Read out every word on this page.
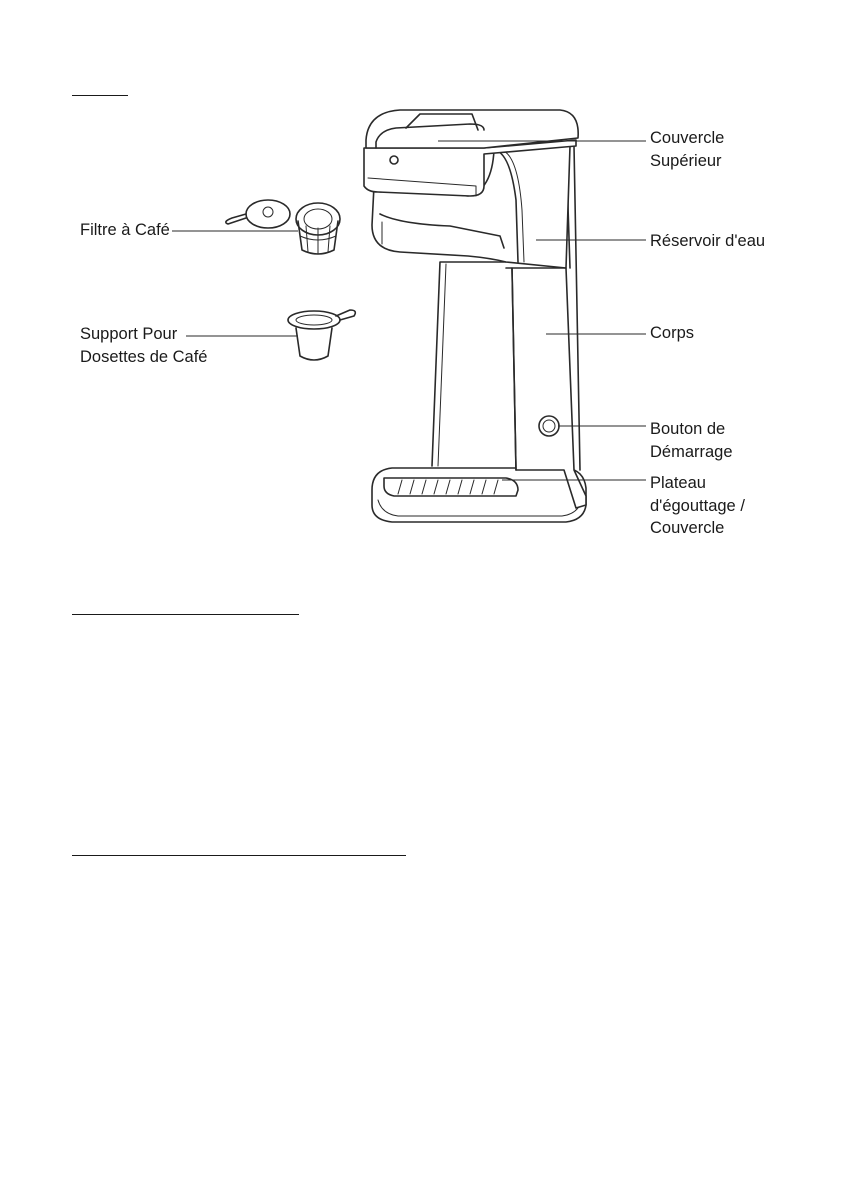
Couvercle
Supérieur
Filtre à Café
Réservoir d'eau
Support Pour
Dosettes de Café
Corps
Bouton de
Démarrage
Plateau
d'égouttage /
Couvercle
